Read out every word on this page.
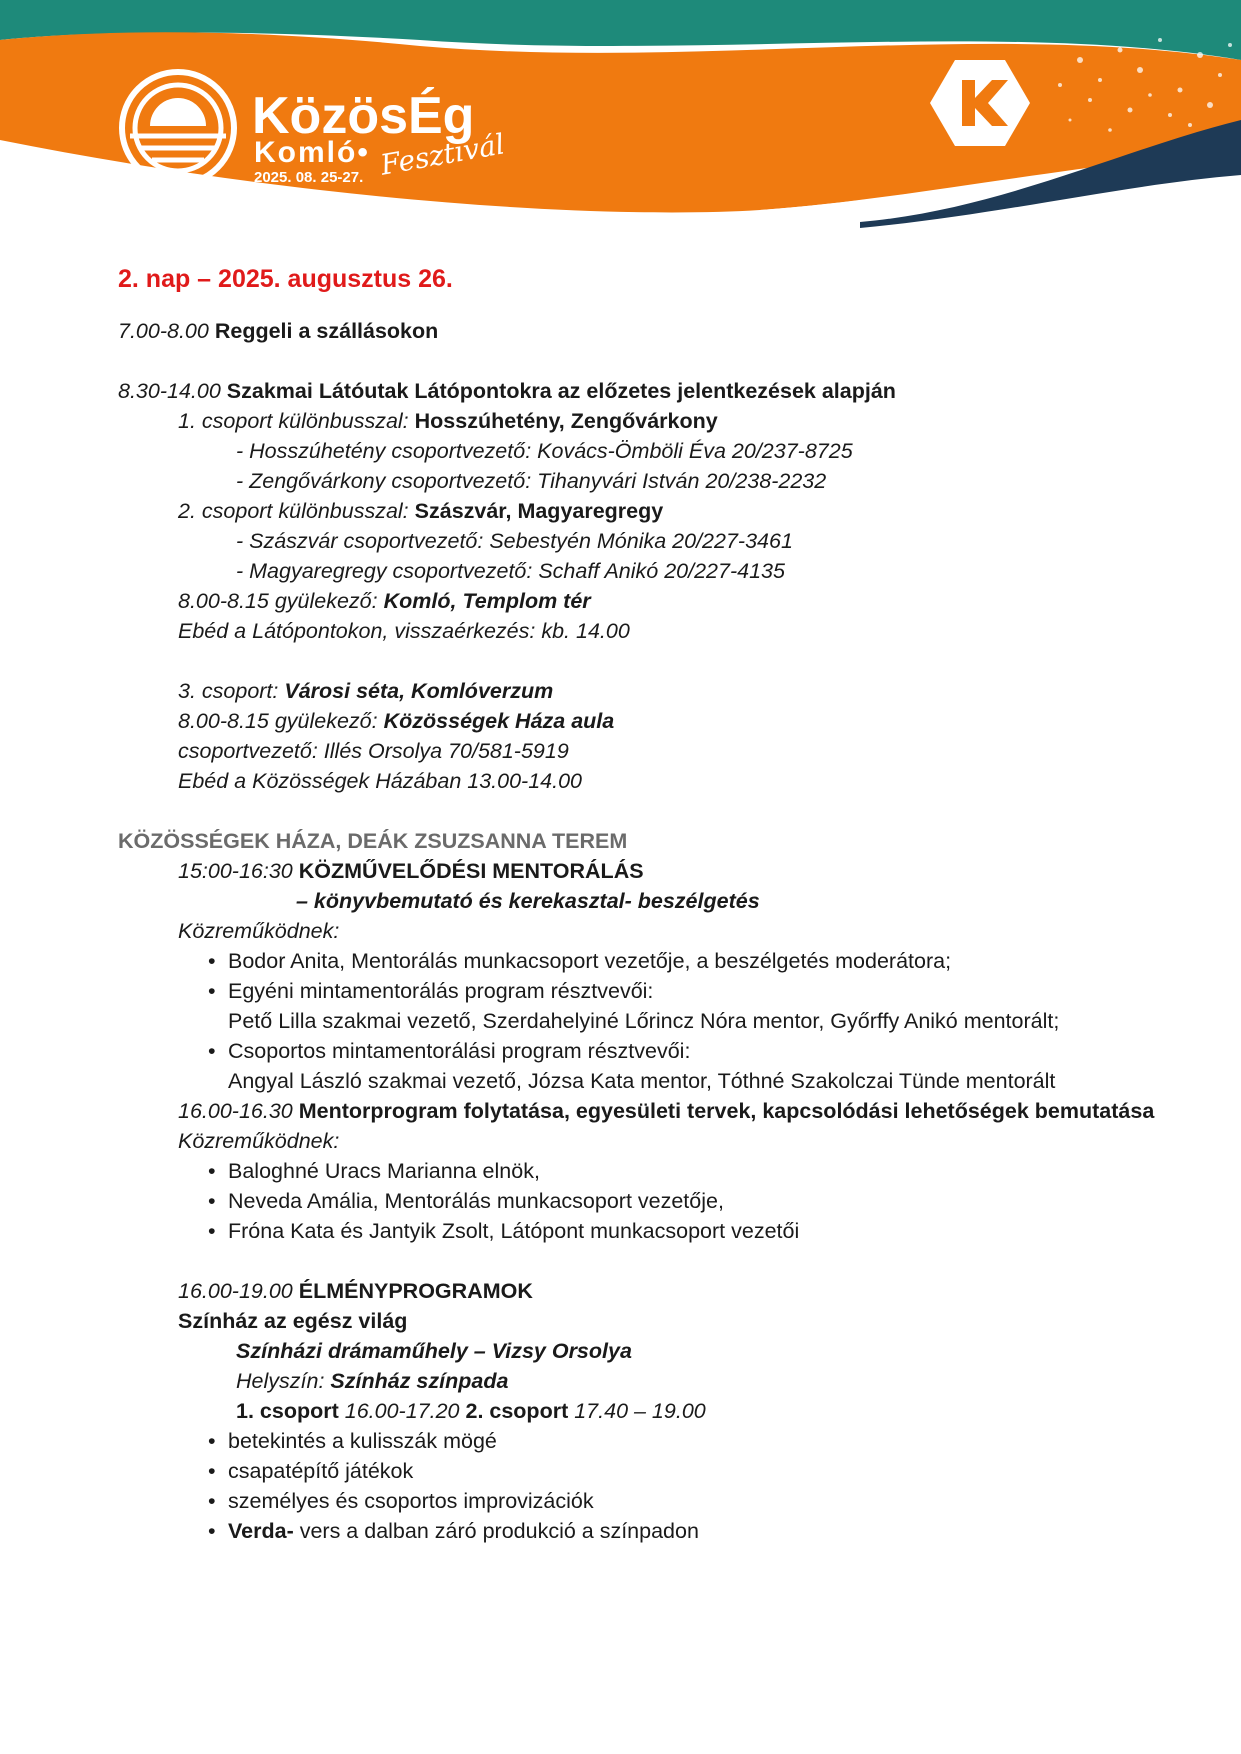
KözösÉg
Komló• Fesztivál
2025. 08. 25-27.
2. nap – 2025. augusztus 26.
7.00-8.00 Reggeli a szállásokon
8.30-14.00 Szakmai Látóutak Látópontokra az előzetes jelentkezések alapján
1. csoport különbusszal: Hosszúhetény, Zengővárkony
- Hosszúhetény csoportvezető: Kovács-Ömböli Éva 20/237-8725
- Zengővárkony csoportvezető: Tihanyvári István 20/238-2232
2. csoport különbusszal: Szászvár, Magyaregregy
- Szászvár csoportvezető: Sebestyén Mónika 20/227-3461
- Magyaregregy csoportvezető: Schaff Anikó 20/227-4135
8.00-8.15 gyülekező: Komló, Templom tér
Ebéd a Látópontokon, visszaérkezés: kb. 14.00
3. csoport: Városi séta, Komlóverzum
8.00-8.15 gyülekező: Közösségek Háza aula
csoportvezető: Illés Orsolya 70/581-5919
Ebéd a Közösségek Házában 13.00-14.00
KÖZÖSSÉGEK HÁZA, DEÁK ZSUZSANNA TEREM
15:00-16:30 KÖZMŰVELŐDÉSI MENTORÁLÁS
– könyvbemutató és kerekasztal- beszélgetés
Közreműködnek:
• Bodor Anita, Mentorálás munkacsoport vezetője, a beszélgetés moderátora;
• Egyéni mintamentorálás program résztvevői:
Pető Lilla szakmai vezető, Szerdahelyiné Lőrincz Nóra mentor, Győrffy Anikó mentorált;
• Csoportos mintamentorálási program résztvevői:
Angyal László szakmai vezető, Józsa Kata mentor, Tóthné Szakolczai Tünde mentorált
16.00-16.30 Mentorprogram folytatása, egyesületi tervek, kapcsolódási lehetőségek bemutatása
Közreműködnek:
• Baloghné Uracs Marianna elnök,
• Neveda Amália, Mentorálás munkacsoport vezetője,
• Fróna Kata és Jantyik Zsolt, Látópont munkacsoport vezetői
16.00-19.00 ÉLMÉNYPROGRAMOK
Színház az egész világ
Színházi drámaműhely – Vizsy Orsolya
Helyszín: Színház színpada
1. csoport 16.00-17.20 2. csoport 17.40 – 19.00
• betekintés a kulisszák mögé
• csapatépítő játékok
• személyes és csoportos improvizációk
• Verda- vers a dalban záró produkció a színpadon
